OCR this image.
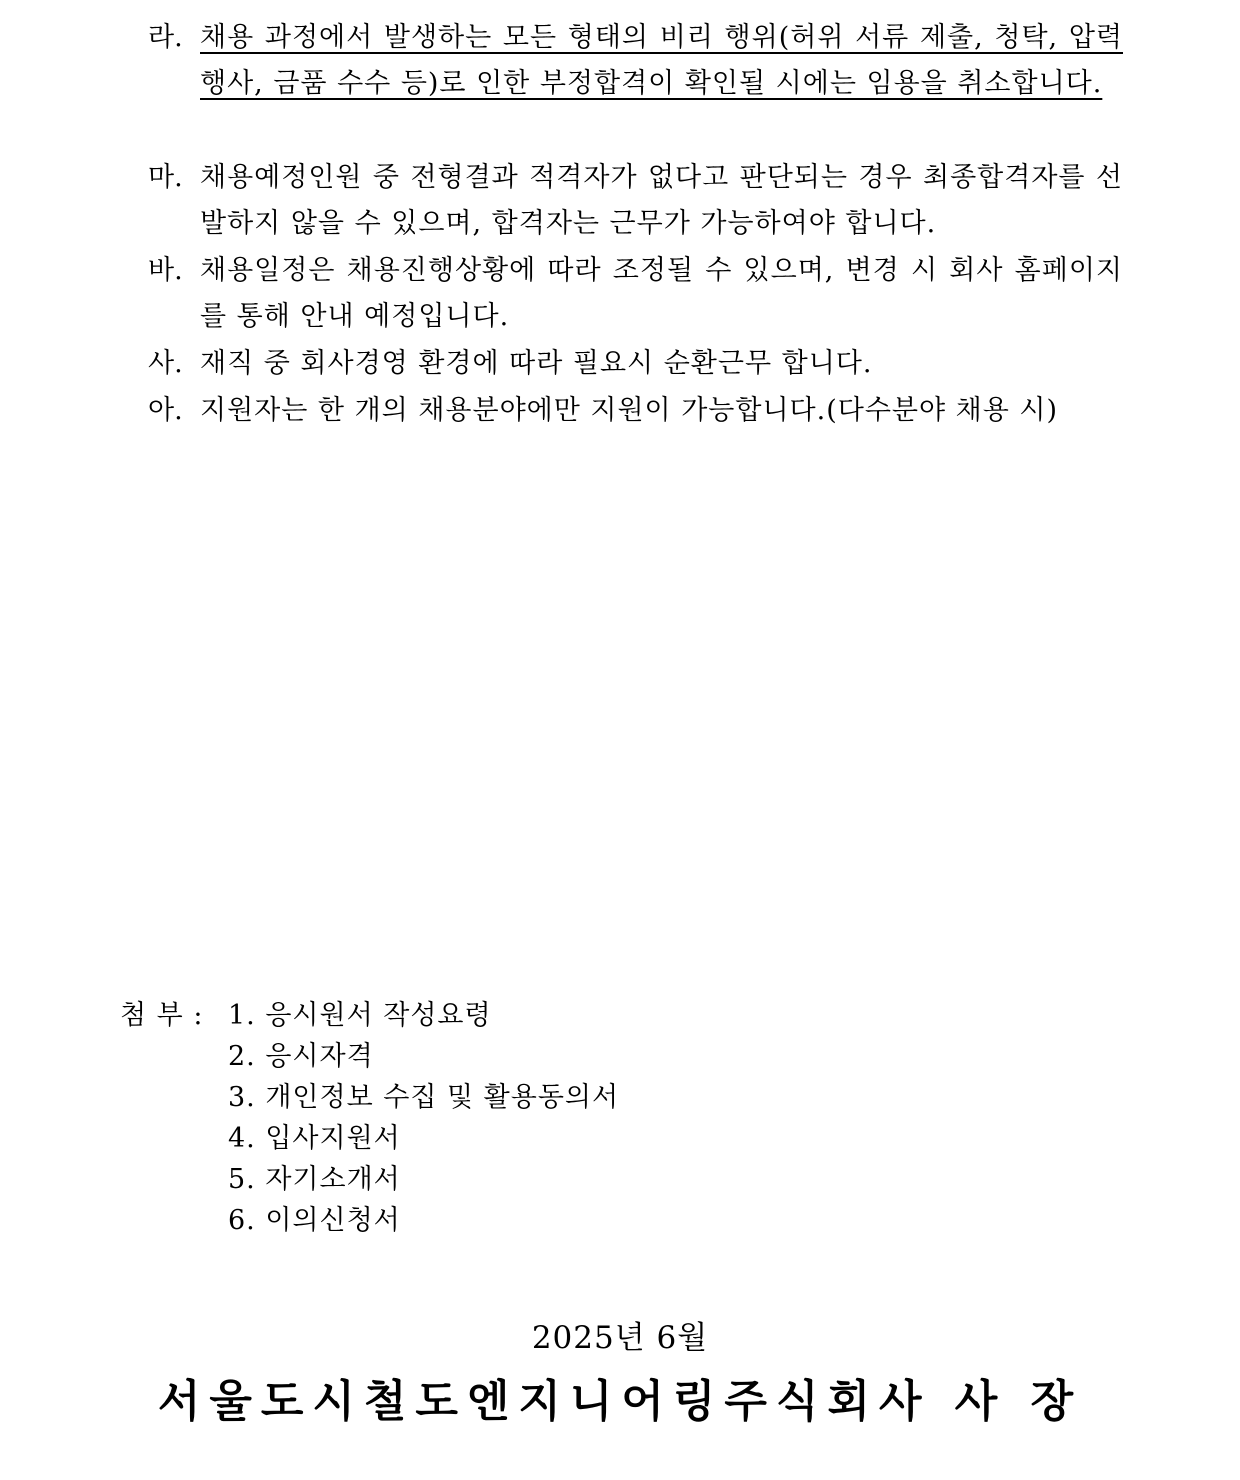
라. 채용 과정에서 발생하는 모든 형태의 비리 행위(허위 서류 제출, 청탁, 압력행사, 금품 수수 등)로 인한 부정합격이 확인될 시에는 임용을 취소합니다.
마. 채용예정인원 중 전형결과 적격자가 없다고 판단되는 경우 최종합격자를 선발하지 않을 수 있으며, 합격자는 근무가 가능하여야 합니다.
바. 채용일정은 채용진행상황에 따라 조정될 수 있으며, 변경 시 회사 홈페이지를 통해 안내 예정입니다.
사. 재직 중 회사경영 환경에 따라 필요시 순환근무 합니다.
아. 지원자는 한 개의 채용분야에만 지원이 가능합니다.(다수분야 채용 시)
첨 부 : 1. 응시원서 작성요령
2. 응시자격
3. 개인정보 수집 및 활용동의서
4. 입사지원서
5. 자기소개서
6. 이의신청서
2025년 6월
서울도시철도엔지니어링주식회사 사 장
